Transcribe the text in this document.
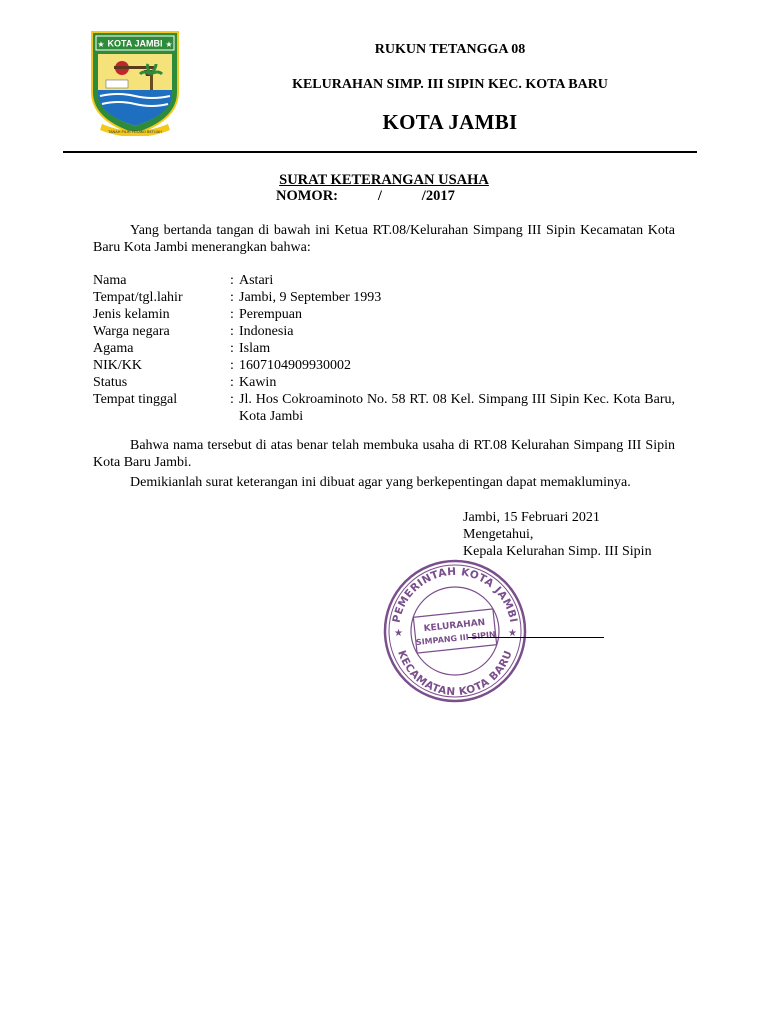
KOTA JAMBI
★	★
TANAH PILIH PESAKO BETUAH
RUKUN TETANGGA 08
KELURAHAN SIMP. III SIPIN KEC. KOTA BARU
KOTA JAMBI
SURAT KETERANGAN USAHA
NOMOR:           /           /2017
Yang bertanda tangan di bawah ini Ketua RT.08/Kelurahan Simpang III Sipin Kecamatan Kota Baru Kota Jambi menerangkan bahwa:
Nama	: Astari
Tempat/tgl.lahir	: Jambi, 9 September 1993
Jenis kelamin	: Perempuan
Warga negara	: Indonesia
Agama	: Islam
NIK/KK	: 1607104909930002
Status	: Kawin
Tempat tinggal	: Jl. Hos Cokroaminoto No. 58 RT. 08 Kel. Simpang III Sipin Kec. Kota Baru, Kota Jambi
Bahwa nama tersebut di atas benar telah membuka usaha di RT.08 Kelurahan Simpang III Sipin Kota Baru Jambi.
Demikianlah surat keterangan ini dibuat agar yang berkepentingan dapat memakluminya.
Jambi, 15 Februari 2021
Mengetahui,
Kepala Kelurahan Simp. III Sipin
PEMERINTAH KOTA JAMBI
KECAMATAN KOTA BARU
★	★
KELURAHAN
SIMPANG III SIPIN
